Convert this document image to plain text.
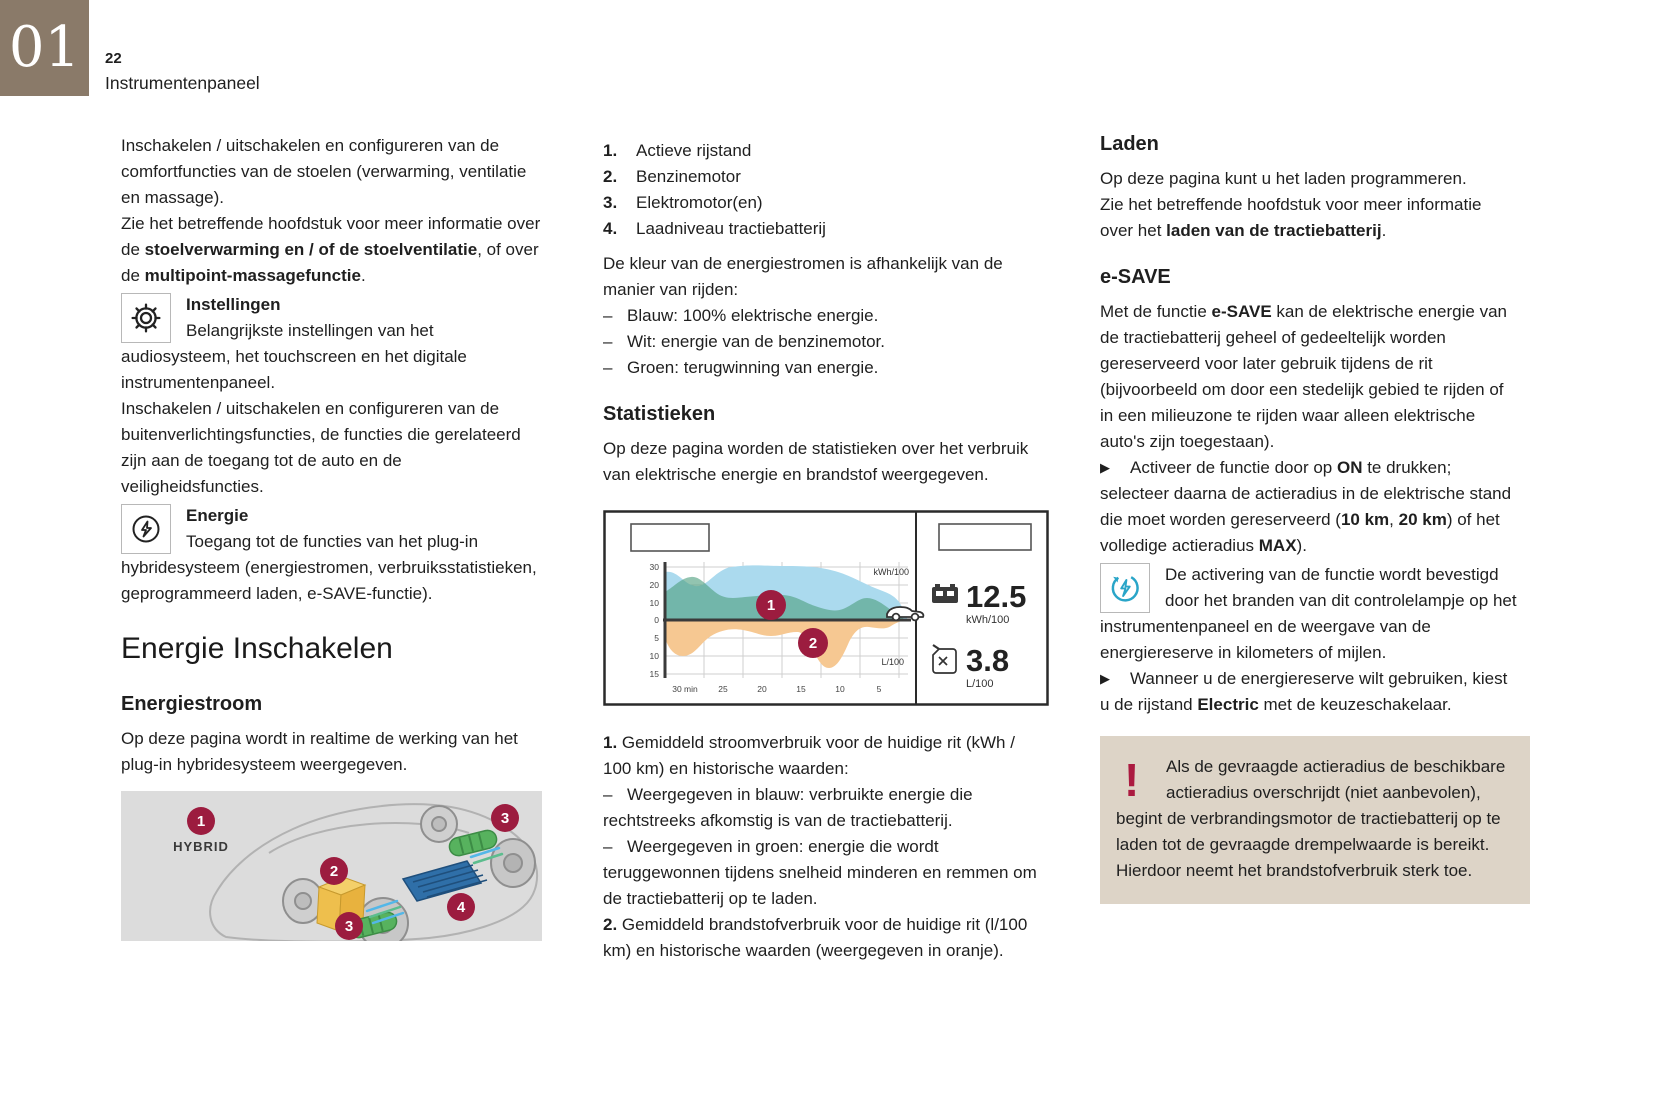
01 22
Instrumentenpaneel

Inschakelen / uitschakelen en configureren van de comfortfuncties van de stoelen (verwarming, ventilatie en massage).

Zie het betreffende hoofdstuk voor meer informatie over de stoelverwarming en / of de stoelventilatie, of over de multipoint-massagefunctie.

Instellingen

Belangrijkste instellingen van het audiosysteem, het touchscreen en het digitale instrumentenpaneel.

Inschakelen / uitschakelen en configureren van de buitenverlichtingsfuncties, de functies die gerelateerd zijn aan de toegang tot de auto en de veiligheidsfuncties.

Energie

Toegang tot de functies van het plug-in hybridesysteem (energiestromen, verbruiksstatistieken, geprogrammeerd laden, e-SAVE-functie).

Energie Inschakelen
Energiestroom

Op deze pagina wordt in realtime de werking van het plug-in hybridesysteem weergegeven.

1
2
3
3
4
HYBRID

1. Actieve rijstand

2. Benzinemotor

3. Elektromotor(en)

4. Laadniveau tractiebatterij

De kleur van de energiestromen is afhankelijk van de manier van rijden:

– Blauw: 100% elektrische energie.

– Wit: energie van de benzinemotor.

– Groen: terugwinning van energie.

Statistieken

Op deze pagina worden de statistieken over het verbruik van elektrische energie en brandstof weergegeven.

30
20
10
0
5
10
15
30 min 25	20	15	10	5
kWh/100
L/100
1
2
12.5
kWh/100
3.8
L/100

1. Gemiddeld stroomverbruik voor de huidige rit (kWh / 100 km) en historische waarden:

– Weergegeven in blauw: verbruikte energie die rechtstreeks afkomstig is van de tractiebatterij.

– Weergegeven in groen: energie die wordt teruggewonnen tijdens snelheid minderen en remmen om de tractiebatterij op te laden.

2. Gemiddeld brandstofverbruik voor de huidige rit (l/100 km) en historische waarden (weergegeven in oranje).

Laden

Op deze pagina kunt u het laden programmeren.

Zie het betreffende hoofdstuk voor meer informatie over het laden van de tractiebatterij.

e-SAVE

Met de functie e-SAVE kan de elektrische energie van de tractiebatterij geheel of gedeeltelijk worden gereserveerd voor later gebruik tijdens de rit (bijvoorbeeld om door een stedelijk gebied te rijden of in een milieuzone te rijden waar alleen elektrische auto's zijn toegestaan).

▶ Activeer de functie door op ON te drukken; selecteer daarna de actieradius in de elektrische stand die moet worden gereserveerd (10 km, 20 km) of het volledige actieradius MAX).

De activering van de functie wordt bevestigd door het branden van dit controlelampje op het instrumentenpaneel en de weergave van de energiereserve in kilometers of mijlen.

▶ Wanneer u de energiereserve wilt gebruiken, kiest u de rijstand Electric met de keuzeschakelaar.

!	Als de gevraagde actieradius de beschikbare actieradius overschrijdt (niet aanbevolen), begint de verbrandingsmotor de tractiebatterij op te laden tot de gevraagde drempelwaarde is bereikt. Hierdoor neemt het brandstofverbruik sterk toe.
